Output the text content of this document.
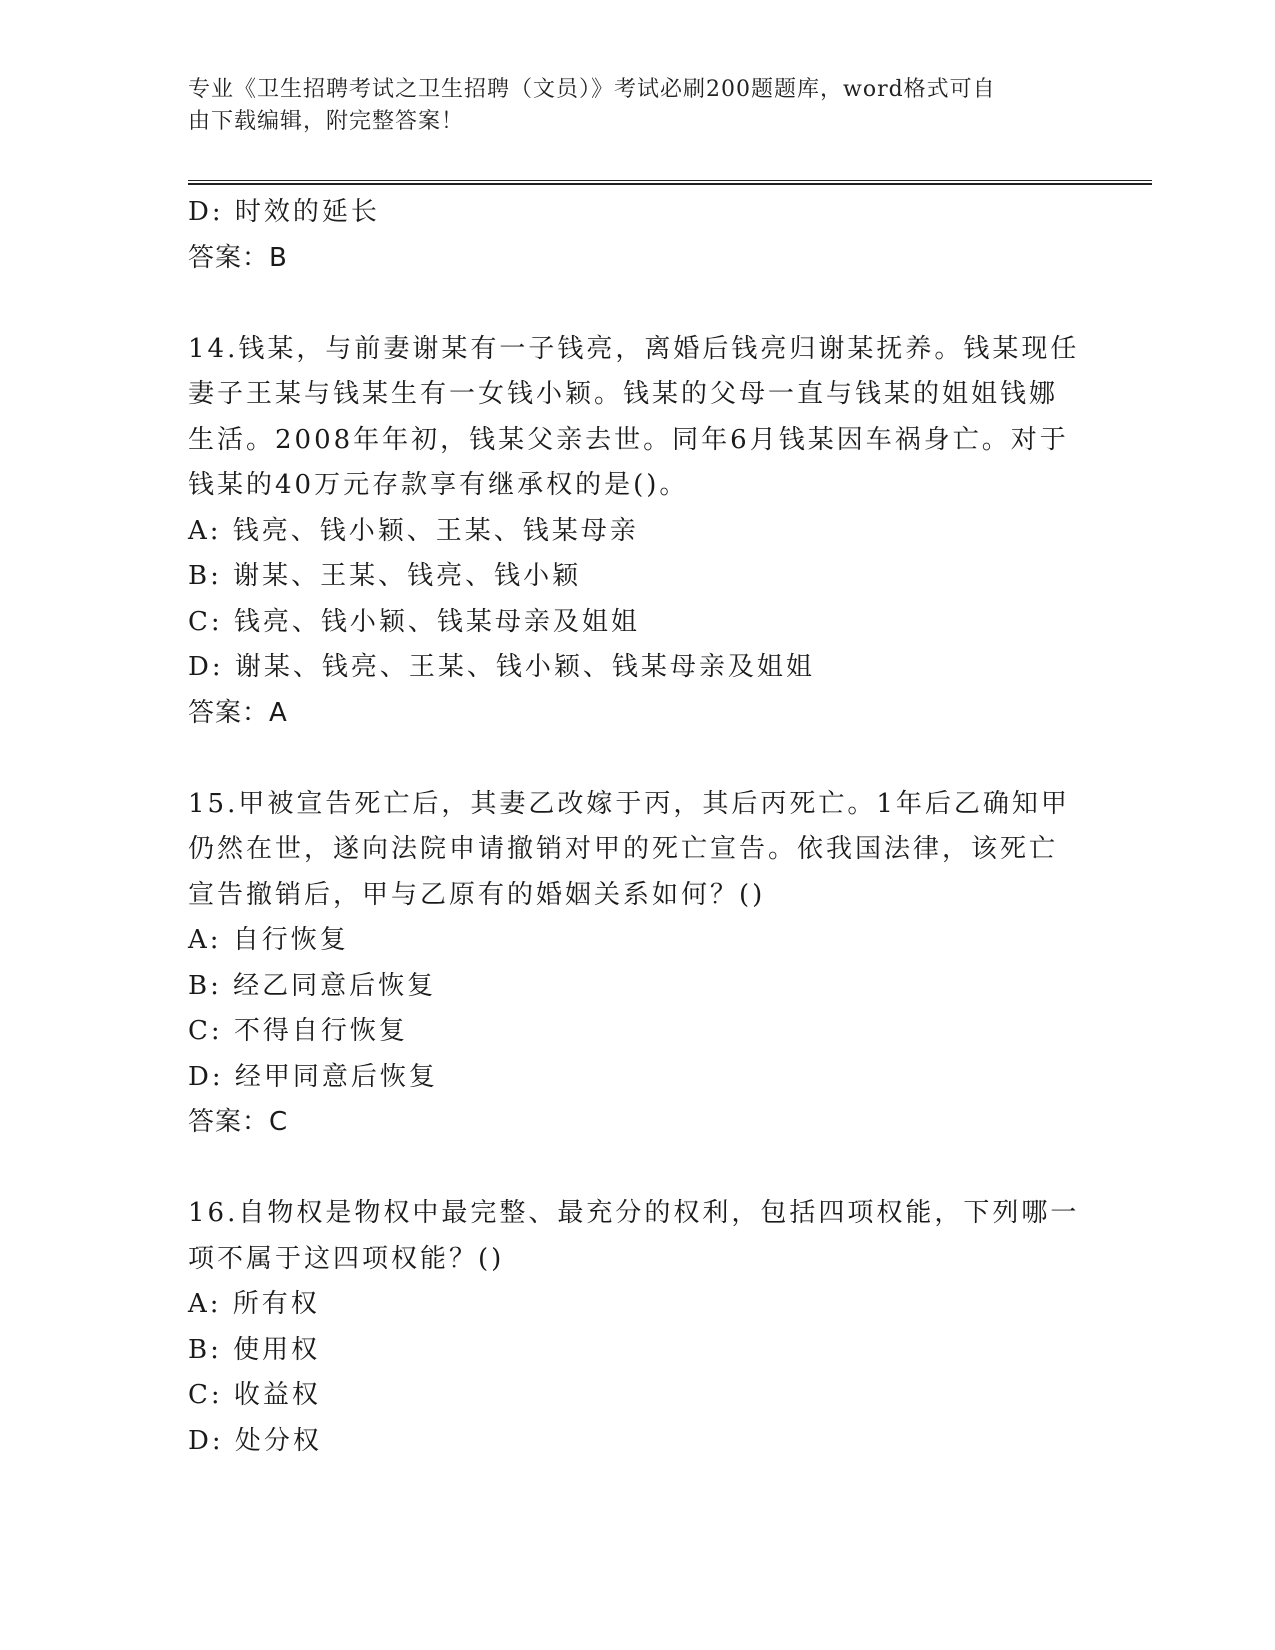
专业《卫生招聘考试之卫生招聘（文员）》考试必刷200题题库，word格式可自
由下载编辑，附完整答案！
D: 时效的延长
答案：B
14.钱某，与前妻谢某有一子钱亮，离婚后钱亮归谢某抚养。钱某现任
妻子王某与钱某生有一女钱小颖。钱某的父母一直与钱某的姐姐钱娜
生活。2008年年初，钱某父亲去世。同年6月钱某因车祸身亡。对于
钱某的40万元存款享有继承权的是()。
A: 钱亮、钱小颖、王某、钱某母亲
B: 谢某、王某、钱亮、钱小颖
C: 钱亮、钱小颖、钱某母亲及姐姐
D: 谢某、钱亮、王某、钱小颖、钱某母亲及姐姐
答案：A
15.甲被宣告死亡后，其妻乙改嫁于丙，其后丙死亡。1年后乙确知甲
仍然在世，遂向法院申请撤销对甲的死亡宣告。依我国法律，该死亡
宣告撤销后，甲与乙原有的婚姻关系如何？()
A: 自行恢复
B: 经乙同意后恢复
C: 不得自行恢复
D: 经甲同意后恢复
答案：C
16.自物权是物权中最完整、最充分的权利，包括四项权能，下列哪一
项不属于这四项权能？()
A: 所有权
B: 使用权
C: 收益权
D: 处分权
